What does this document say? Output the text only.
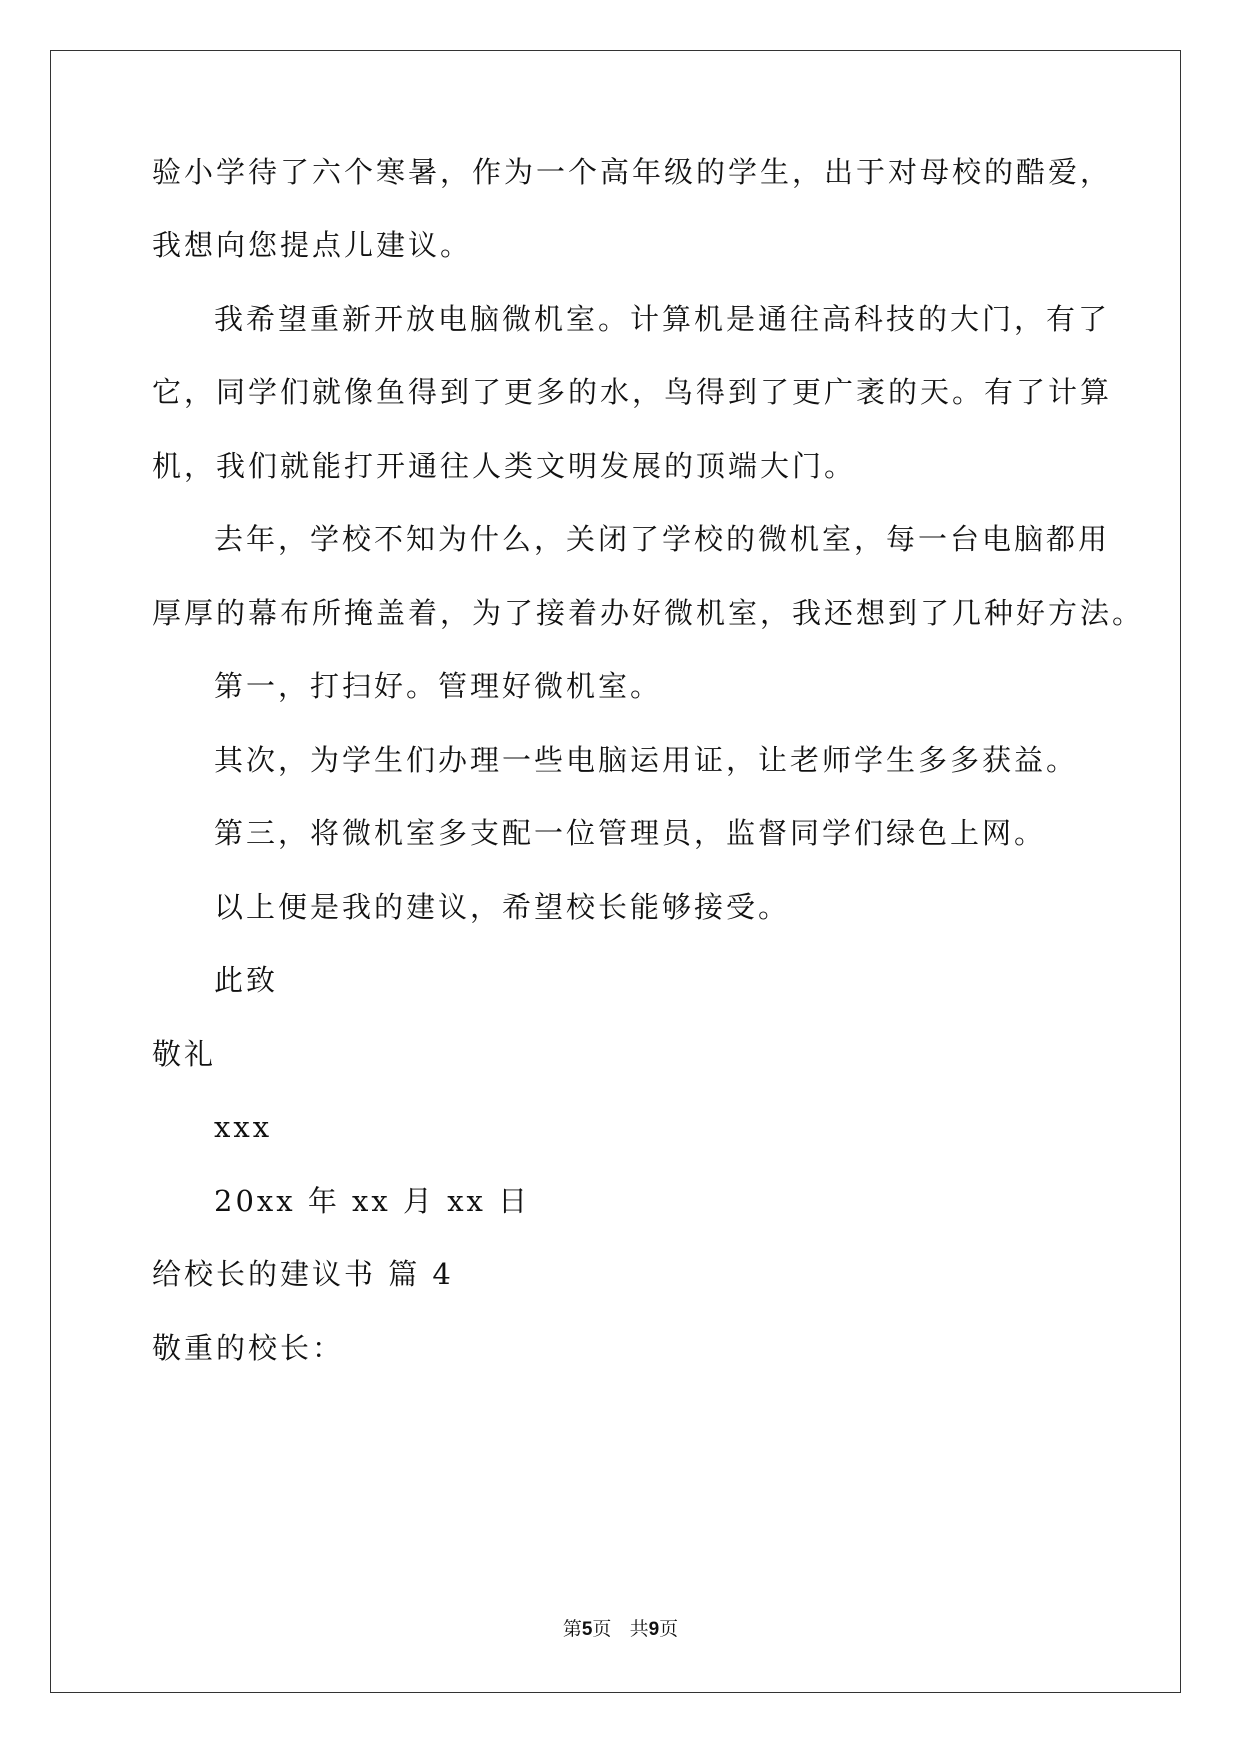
验小学待了六个寒暑，作为一个高年级的学生，出于对母校的酷爱，
我想向您提点儿建议。
我希望重新开放电脑微机室。计算机是通往高科技的大门，有了
它，同学们就像鱼得到了更多的水，鸟得到了更广袤的天。有了计算
机，我们就能打开通往人类文明发展的顶端大门。
去年，学校不知为什么，关闭了学校的微机室，每一台电脑都用
厚厚的幕布所掩盖着，为了接着办好微机室，我还想到了几种好方法。
第一，打扫好。管理好微机室。
其次，为学生们办理一些电脑运用证，让老师学生多多获益。
第三，将微机室多支配一位管理员，监督同学们绿色上网。
以上便是我的建议，希望校长能够接受。
此致
敬礼
xxx
20xx 年 xx 月 xx 日
给校长的建议书 篇 4
敬重的校长：
第5页 共9页
